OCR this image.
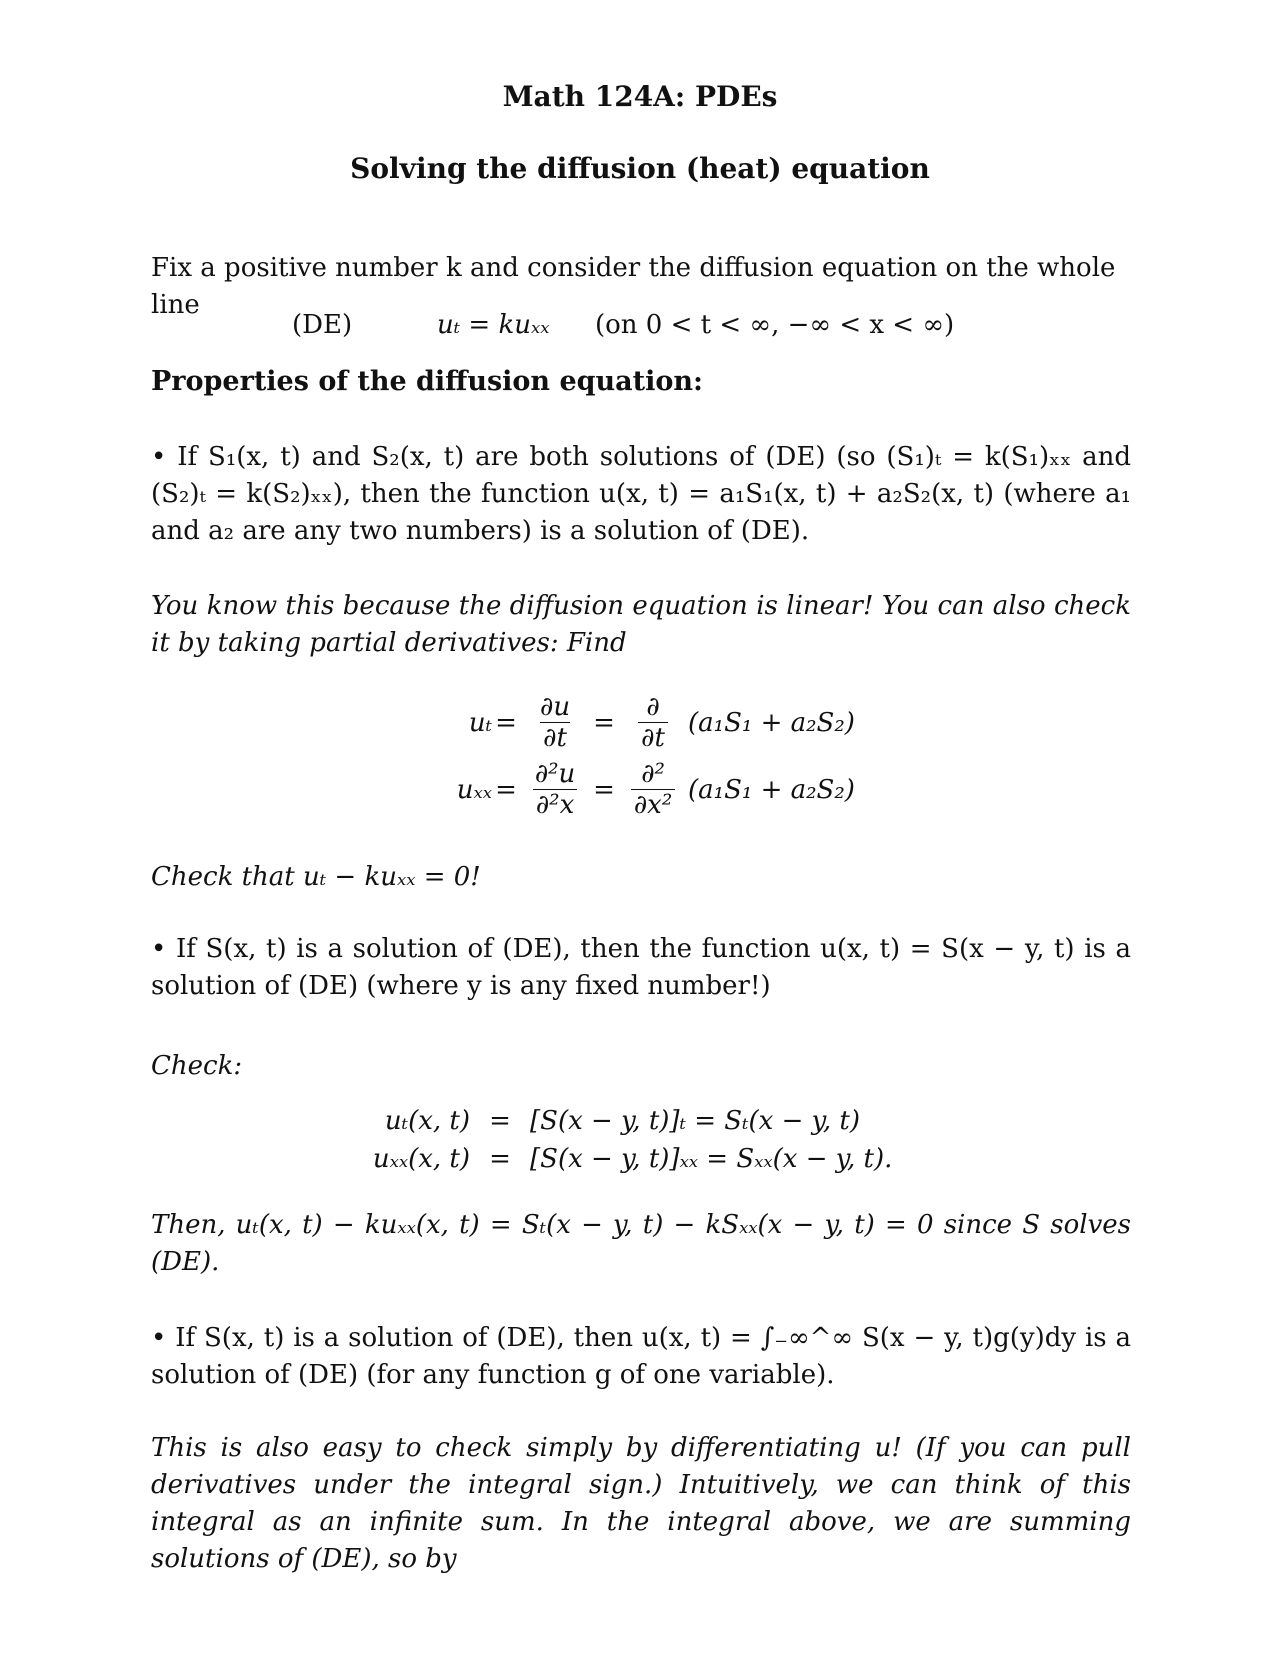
Math 124A: PDEs
Solving the diffusion (heat) equation
Fix a positive number k and consider the diffusion equation on the whole line
(DE)	uₜ = kuₓₓ (on 0 < t < ∞, −∞ < x < ∞)
Properties of the diffusion equation:
• If S₁(x, t) and S₂(x, t) are both solutions of (DE) (so (S₁)ₜ = k(S₁)ₓₓ and (S₂)ₜ = k(S₂)ₓₓ), then the function u(x, t) = a₁S₁(x, t) + a₂S₂(x, t) (where a₁ and a₂ are any two numbers) is a solution of (DE).
You know this because the diffusion equation is linear! You can also check it by taking partial derivatives: Find
$u_t = \frac{\partial u}{\partial t} = \frac{\partial}{\partial t} (a_1S_1 + a_2S_2)$
$u_{xx} = \frac{\text{∂²u}}{\text{∂²x}} = \frac{\text{∂²}}{\text{∂x²}} (a_1S_1 + a_2S_2)$
Check that uₜ − kuₓₓ = 0!
• If S(x, t) is a solution of (DE), then the function u(x, t) = S(x − y, t) is a solution of (DE) (where y is any fixed number!)
Check:
uₜ(x, t) = [S(x − y, t)]ₜ = Sₜ(x − y, t)
uₓₓ(x, t) = [S(x − y, t)]ₓₓ = Sₓₓ(x − y, t).
Then, uₜ(x, t) − kuₓₓ(x, t) = Sₜ(x − y, t) − kSₓₓ(x − y, t) = 0 since S solves (DE).
• If S(x, t) is a solution of (DE), then u(x, t) = ∫₋∞^∞ S(x − y, t)g(y)dy is a solution of (DE) (for any function g of one variable).
This is also easy to check simply by differentiating u! (If you can pull derivatives under the integral sign.) Intuitively, we can think of this integral as an infinite sum. In the integral above, we are summing solutions of (DE), so by
